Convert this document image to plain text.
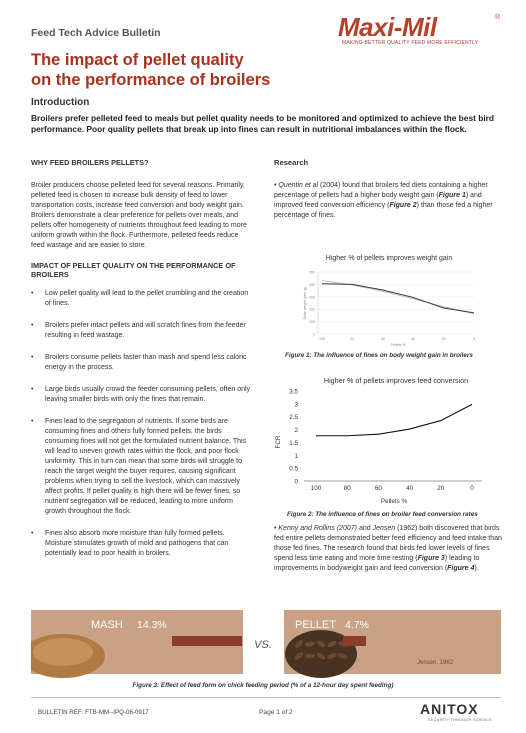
Feed Tech Advice Bulletin	Maxi-Mil	®
MAKING BETTER QUALITY FEED MORE EFFICIENTLY
The impact of pellet quality
on the performance of broilers
Introduction
Broilers prefer pelleted feed to meals but pellet quality needs to be monitored and optimized to achieve the best bird performance. Poor quality pellets that break up into fines can result in nutritional imbalances within the flock.
WHY FEED BROILERS PELLETS?
Broiler producers choose pelleted feed for several reasons. Primarily, pelleted feed is chosen to increase bulk density of feed to lower transportation costs, increase feed conversion and body weight gain. Broilers demonstrate a clear preference for pellets over meals, and pellets offer homogeneity of nutrients throughout feed leading to more uniform growth within the flock. Furthermore, pelleted feeds reduce feed wastage and are easier to store.
IMPACT OF PELLET QUALITY ON THE PERFORMANCE OF BROILERS
• Low pellet quality will lead to the pellet crumbling and the creation of fines.
• Broilers prefer intact pellets and will scratch fines from the feeder resulting in feed wastage.
• Broilers consume pellets faster than mash and spend less caloric energy in the process.
• Large birds usually crowd the feeder consuming pellets, often only leaving smaller birds with only the fines that remain.
• Fines lead to the segregation of nutrients. If some birds are consuming fines and others fully formed pellets, the birds consuming fines will not get the formulated nutrient balance. This will lead to uneven growth rates within the flock, and poor flock uniformity. This in turn can mean that some birds will struggle to reach the target weight the buyer requires, causing significant problems when trying to sell the livestock, which can massively affect profits. If pellet quality is high there will be fewer fines, so nutrient segregation will be reduced, leading to more uniform growth throughout the flock.
• Fines also absorb more moisture than fully formed pellets. Moisture stimulates growth of mold and pathogens that can potentially lead to poor health in broilers.
Research
• Quentin et al (2004) found that broilers fed diets containing a higher percentage of pellets had a higher body weight gain (Figure 1) and improved feed conversion efficiency (Figure 2) than those fed a higher percentage of fines.
Higher % of pellets improves weight gain
0
100
200
300
400
500
100	80	60	40	20	0
Pellets %
Body weight gain (g)
Figure 1: The influence of fines on body weight gain in broilers
Higher % of pellets improves feed conversion
0
0.5
1
1.5
2
2.5
3
3.5
100	80	60	40	20	0
Pellets %
FCR
Figure 2: The influence of fines on broiler feed conversion rates
• Kenny and Rollins (2007) and Jensen (1962) both discovered that birds fed entire pellets demonstrated better feed efficiency and feed intake than those fed fines. The research found that birds fed lower levels of fines spend less time eating and more time resting (Figure 3) leading to improvements in bodyweight gain and feed conversion (Figure 4).
MASH 14.3%	PELLET 4.7%
VS.
Jensen, 1962
Figure 3: Effect of feed form on chick feeding period (% of a 12-hour day spent feeding)
BULLETIN REF: FTB-MM--IPQ-06-0917	Page 1 of 2	ANITOX
SECURITY THROUGH SCIENCE
